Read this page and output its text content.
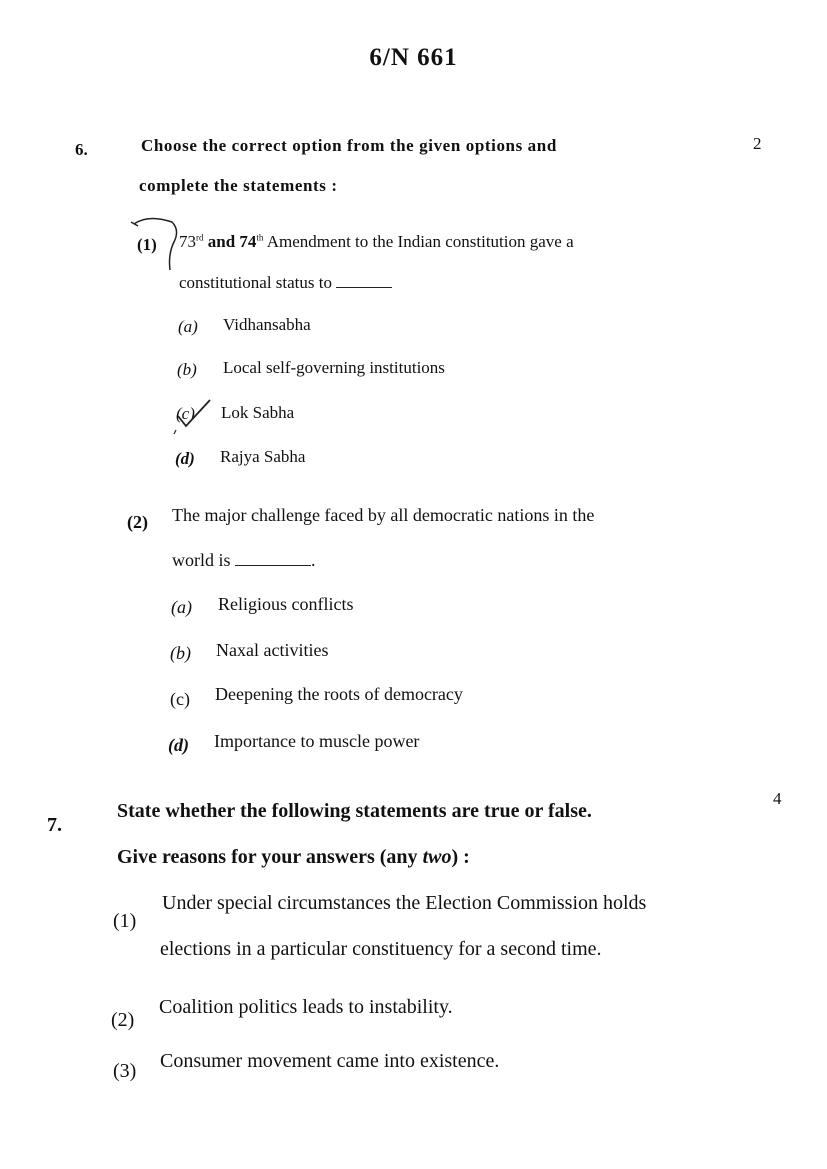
6/N 661
6.	2
Choose the correct option from the given options and
complete the statements :
(1) 73rd and 74th Amendment to the Indian constitution gave a
constitutional status to
(a) Vidhansabha
(b) Local self-governing institutions
(c) Lok Sabha
(d) Rajya Sabha
(2) The major challenge faced by all democratic nations in the
world is	.
(a) Religious conflicts
(b) Naxal activities
(c) Deepening the roots of democracy
(d) Importance to muscle power
7.
4
State whether the following statements are true or false.
Give reasons for your answers (any two) :
(1)
Under special circumstances the Election Commission holds
elections in a particular constituency for a second time.
(2)
Coalition politics leads to instability.
(3) Consumer movement came into existence.
